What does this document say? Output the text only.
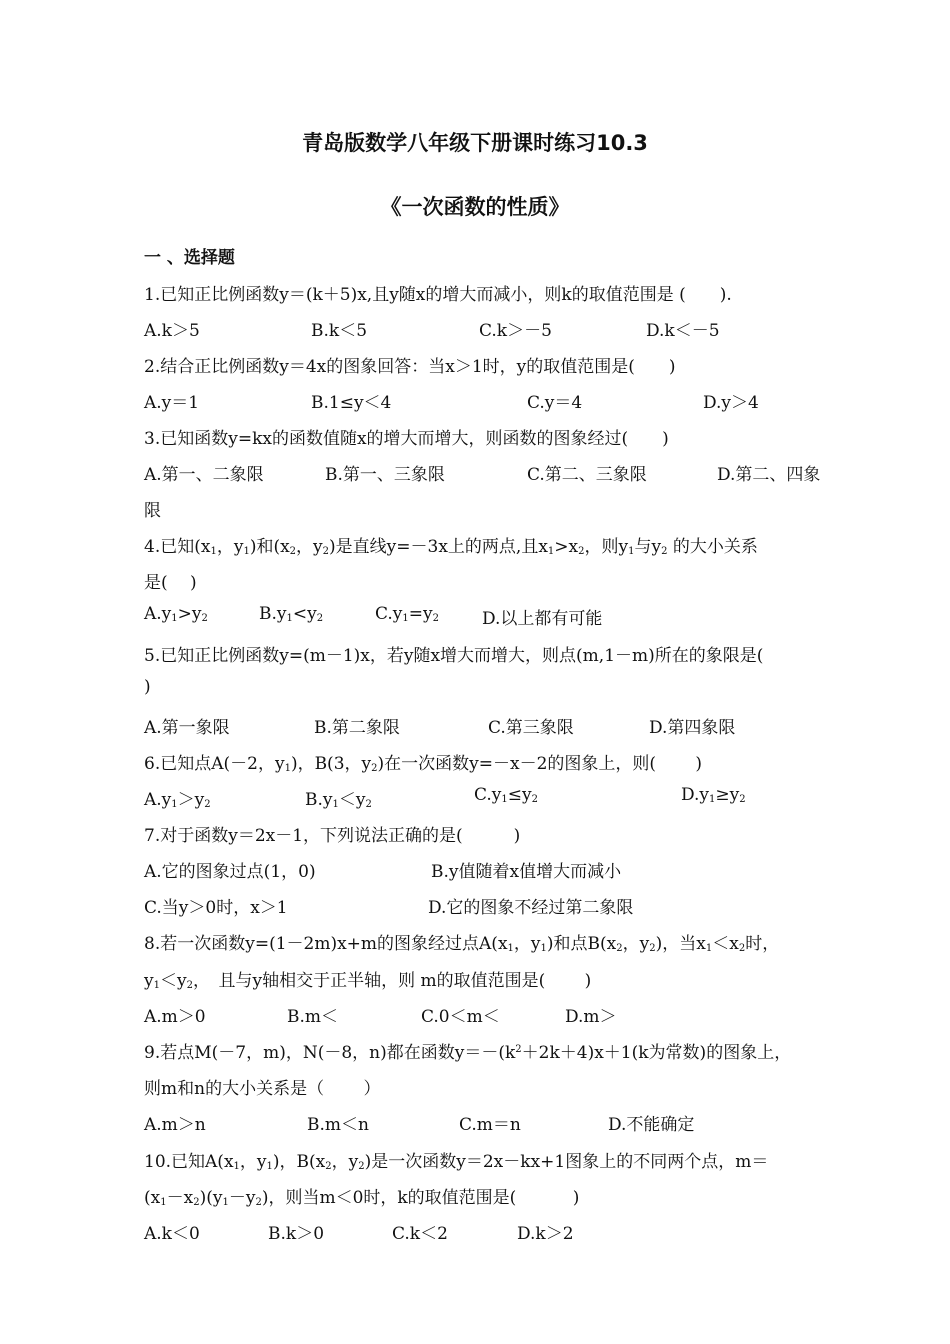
青岛版数学八年级下册课时练习10.3
《一次函数的性质》
一 、选择题
1.已知正比例函数y＝(k＋5)x,且y随x的增大而减小，则k的取值范围是 (　　).
A.k＞5	B.k＜5	C.k＞－5	D.k＜－5
2.结合正比例函数y＝4x的图象回答：当x＞1时，y的取值范围是(　　)
A.y＝1	B.1≤y＜4	C.y＝4	D.y＞4
3.已知函数y=kx的函数值随x的增大而增大，则函数的图象经过(　　)
A.第一、二象限	B.第一、三象限	C.第二、三象限	D.第二、四象
限
4.已知($x_1$，$y_1$)和($x_2$，$y_2$)是直线y=－3x上的两点,且$x_1>x_2$，则$y_1$与$y_2$ 的大小关系
是(　 )
$A.y_1>y_2$	$B.y_1<y_2$	$C.y_1=y_2$	D.以上都有可能
5.已知正比例函数y=(m－1)x，若y随x增大而增大，则点(m,1－m)所在的象限是(
)
A.第一象限	B.第二象限	C.第三象限	D.第四象限
6.已知点A(－2，$y_1$)，B(3，$y_2$)在一次函数y=－x－2的图象上，则(　　 )
$A.y_1>y_2$	$B.y_1<y_2$	$C.y_1\le y_2$	$D.y_1\ge y_2$
7.对于函数y＝2x－1，下列说法正确的是(　　　)
A.它的图象过点(1，0)	B.y值随着x值增大而减小
C.当y＞0时，x＞1	D.它的图象不经过第二象限
8.若一次函数y=(1－2m)x+m的图象经过点$A(x_1$，$y_1$)和点$B(x_2$，$y_2$)，当$x_1<x_2$时，
$y_1<y_2$，　且与y轴相交于正半轴，则 m的取值范围是(　　 )
A.m＞0	B.m＜	C.0＜m＜	D.m＞
9.若点M(－7，m)，N(－8，n)都在函数$y=-(k^2+2k+4)x+1(k$为常数)的图象上，
则m和n的大小关系是（　　 ）
A.m＞n	B.m＜n	C.m＝n	D.不能确定
10.已知$A(x_1$，$y_1$)，$B(x_2$，$y_2$)是一次函数y＝2x－kx+1图象上的不同两个点，m＝
$(x_1-x_2)(y_1-y_2)$，则当m＜0时，k的取值范围是(　　　 )
A.k＜0	B.k＞0	C.k＜2	D.k＞2
